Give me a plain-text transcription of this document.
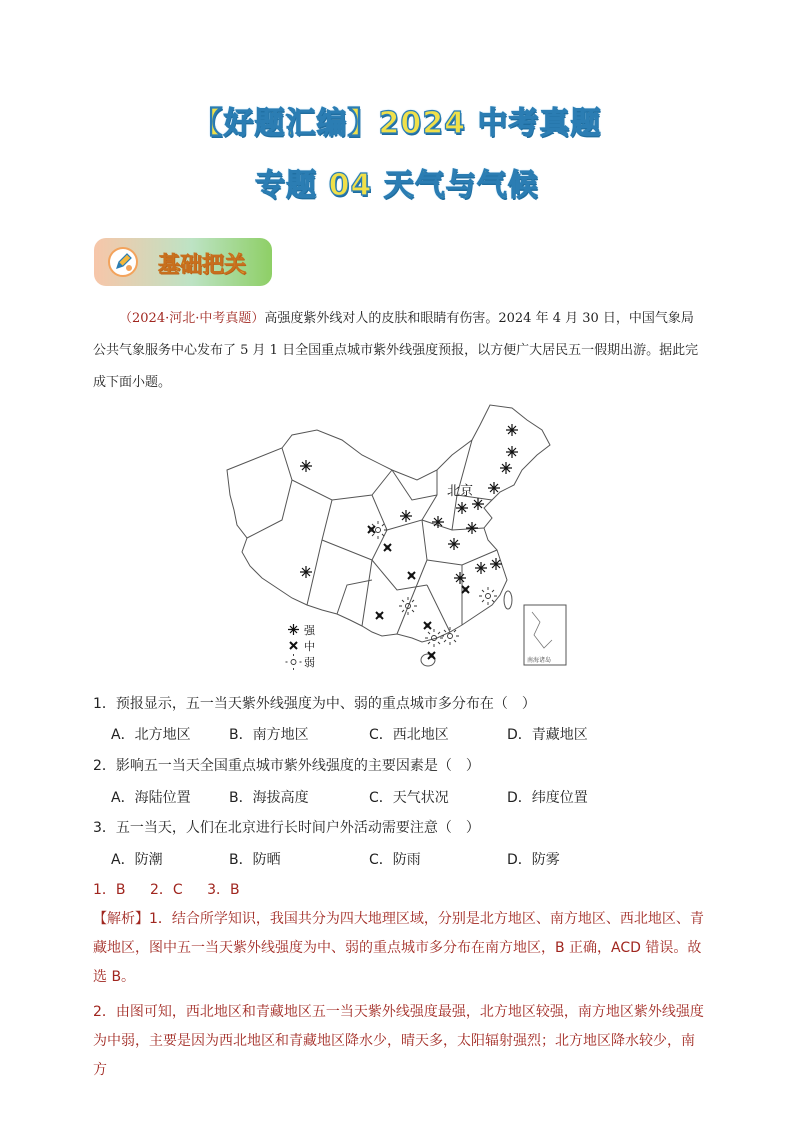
【好题汇编】2024 中考真题
专题 04 天气与气候
基础把关
（2024·河北·中考真题）高强度紫外线对人的皮肤和眼睛有伤害。2024 年 4 月 30 日，中国气象局公共气象服务中心发布了 5 月 1 日全国重点城市紫外线强度预报，以方便广大居民五一假期出游。据此完成下面小题。
北京
强
中
弱	南海诸岛
1．预报显示，五一当天紫外线强度为中、弱的重点城市多分布在（　）
A．北方地区	B．南方地区	C．西北地区	D．青藏地区
2．影响五一当天全国重点城市紫外线强度的主要因素是（　）
A．海陆位置	B．海拔高度	C．天气状况	D．纬度位置
3．五一当天，人们在北京进行长时间户外活动需要注意（　）
A．防潮	B．防晒	C．防雨	D．防雾
1．B 2．C 3．B
【解析】1．结合所学知识，我国共分为四大地理区域，分别是北方地区、南方地区、西北地区、青藏地区，图中五一当天紫外线强度为中、弱的重点城市多分布在南方地区，B 正确，ACD 错误。故选 B。
2．由图可知，西北地区和青藏地区五一当天紫外线强度最强，北方地区较强，南方地区紫外线强度为中弱，主要是因为西北地区和青藏地区降水少，晴天多，太阳辐射强烈；北方地区降水较少，南方
